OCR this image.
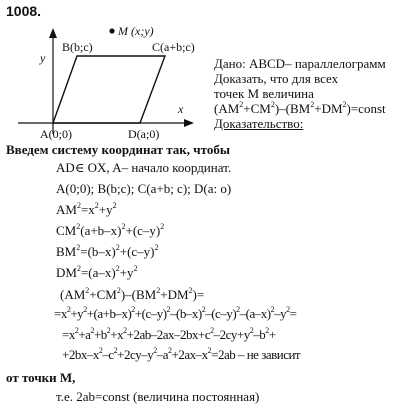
1008.
M (x;y)
y
x
B(b;c)	C(a+b;c)
A(0;0)	D(a;0)
Дано: ABCD– параллелограмм
Доказать, что для всех
точек M величина
$(AM^2+CM^2)-(BM^2+DM^2)=const$
Доказательство:
Введем систему координат так, чтобы
AD∈ OX, A– начало координат.
A(0;0); B(b;c); C(a+b; c); D(a: o)
$AM^2=x^2+y^2$
$CM^2(a+b-x)^2+(c-y)^2$
$BM^2=(b-x)^2+(c-y)^2$
$DM^2=(a-x)^2+y^2$
$(AM^2+CM^2)-(BM^2+DM^2)=$
$=x^2+y^2+(a+b-x)^2+(c-y)^2-(b-x)^2-(c-y)^2-(a-x)^2-y^2=$
$=x^2+a^2+b^2+x^2+2ab-2ax-2bx+c^2-2cy+y^2-b^2+$
$+2bx-x^2-c^2+2cy-y^2-a^2+2ax-x^2=2ab$ – не зависит
от точки M,
т.е. 2ab=const (величина постоянная)
